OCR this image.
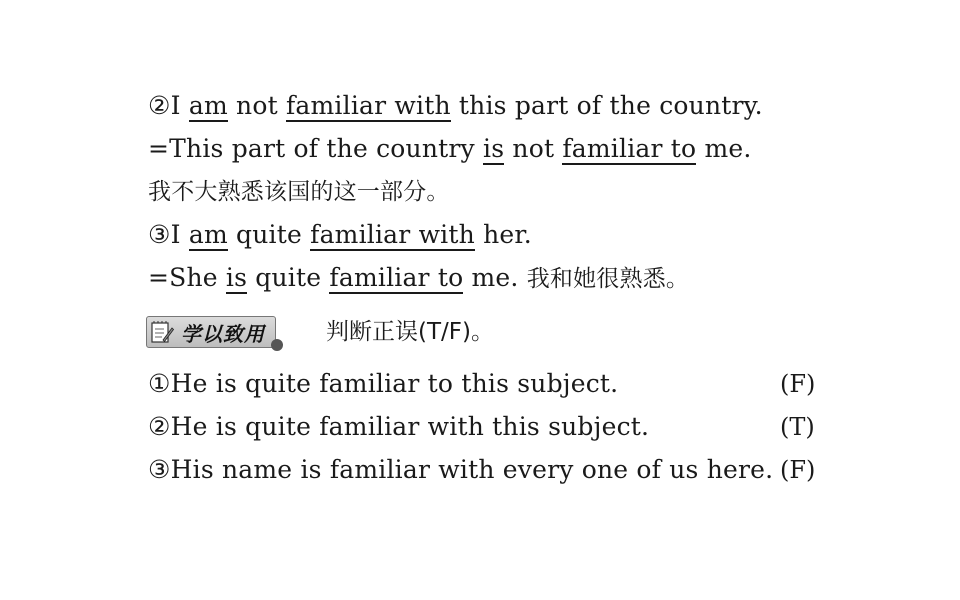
②I am not familiar with this part of the country.
=This part of the country is not familiar to me.
我不大熟悉该国的这一部分。
③I am quite familiar with her.
=She is quite familiar to me. 我和她很熟悉。
学以致用	判断正误(T/F)。
①He is quite familiar to this subject.	(F)
②He is quite familiar with this subject.	(T)
③His name is familiar with every one of us here. (F)
